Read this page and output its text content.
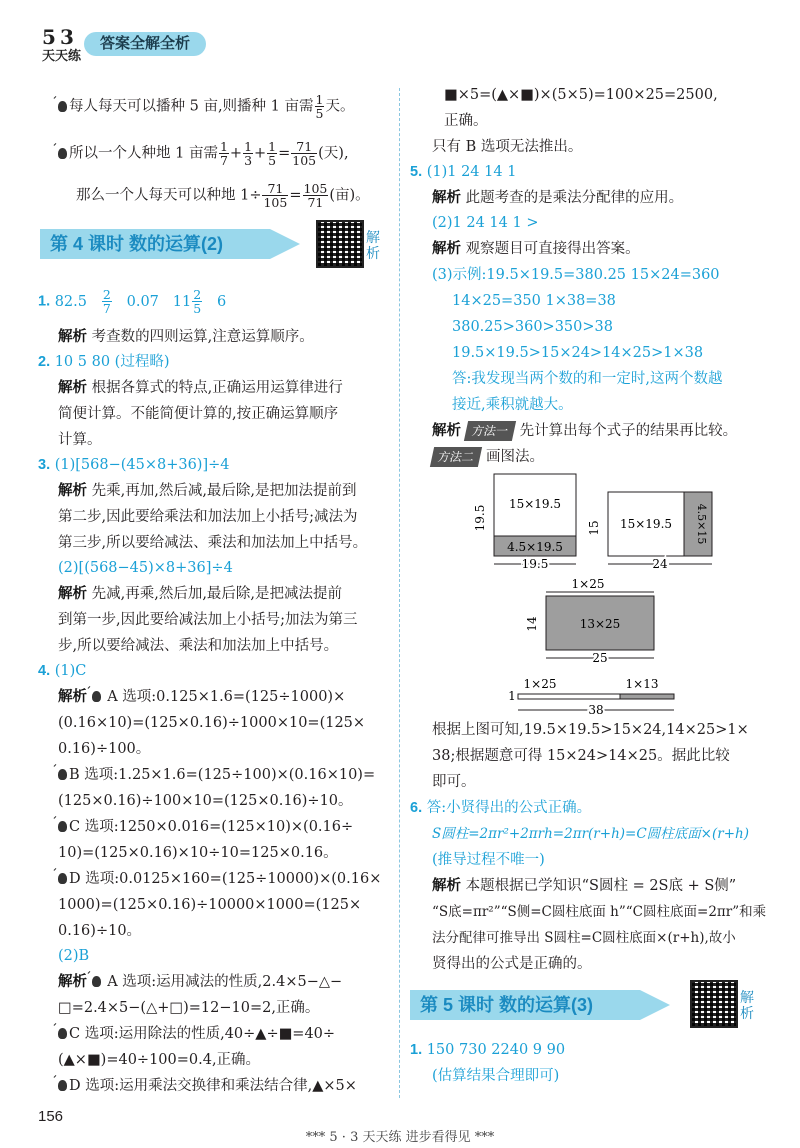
5 3
天天练
答案全解全析
每人每天可以播种 5 亩,则播种 1 亩需 $\frac{1}{5}$ 天。
所以一个人种地 1 亩需 $\frac{1}{7} + \frac{1}{3} + \frac{1}{5} = \frac{71}{105}$ (天),
那么一个人每天可以种地 $1\div \frac{71}{105} = \frac{105}{71}$ (亩)。
第 4 课时 数的运算(2)	解析
1. $82.5 \frac{2}{7} 0.07$ $11 \frac{2}{5} 6$
解析 考查数的四则运算,注意运算顺序。
2. 10 5 80 (过程略)
解析 根据各算式的特点,正确运用运算律进行
简便计算。不能简便计算的,按正确运算顺序
计算。
3. (1)[568−(45×8+36)]÷4
解析 先乘,再加,然后减,最后除,是把加法提前到
第二步,因此要给乘法和加法加上小括号;减法为
第三步,所以要给减法、乘法和加法加上中括号。
(2)[(568−45)×8+36]÷4
解析 先减,再乘,然后加,最后除,是把减法提前
到第一步,因此要给减法加上小括号;加法为第三
步,所以要给减法、乘法和加法加上中括号。
4. (1)C
解析 A 选项:0.125×1.6=(125÷1000)×
(0.16×10)=(125×0.16)÷1000×10=(125×
0.16)÷100。
B 选项:1.25×1.6=(125÷100)×(0.16×10)=
(125×0.16)÷100×10=(125×0.16)÷10。
C 选项:1250×0.016=(125×10)×(0.16÷
10)=(125×0.16)×10÷10=125×0.16。
D 选项:0.0125×160=(125÷10000)×(0.16×
1000)=(125×0.16)÷10000×1000=(125×
0.16)÷10。
(2)B
解析 A 选项:运用减法的性质,2.4×5−△−
□=2.4×5−(△+□)=12−10=2,正确。
C 选项:运用除法的性质,40÷▲÷■=40÷
(▲×■)=40÷100=0.4,正确。
D 选项:运用乘法交换律和乘法结合律,▲×5×
■×5=(▲×■)×(5×5)=100×25=2500,
正确。
只有 B 选项无法推出。
5. (1)1 24 14 1
解析 此题考查的是乘法分配律的应用。
(2)1 24 14 1 >
解析 观察题目可直接得出答案。
(3)示例:19.5×19.5=380.25 15×24=360
14×25=350 1×38=38
380.25>360>350>38
19.5×19.5>15×24>14×25>1×38
答:我发现当两个数的和一定时,这两个数越
接近,乘积就越大。
解析 方法一 先计算出每个式子的结果再比较。
方法二 画图法。
15×19.5
4.5×19.5
19.5
19.5
15×19.5 4.5×15
15
24
1×25
13×25
14
25
1×25	1×13
1
38
根据上图可知,19.5×19.5>15×24,14×25>1×
38;根据题意可得 15×24>14×25。据此比较
即可。
6. 答:小贤得出的公式正确。
S圆柱=2πr²+2πrh=2πr(r+h)=C圆柱底面×(r+h)
(推导过程不唯一)
解析 本题根据已学知识“S圆柱 = 2S底 + S侧”
“S底=πr²”“S侧=C圆柱底面 h”“C圆柱底面=2πr”和乘
法分配律可推导出 S圆柱=C圆柱底面×(r+h),故小
贤得出的公式是正确的。
第 5 课时 数的运算(3)	解析
1. 150 730 2240 9 90
(估算结果合理即可)
156
*** 5 · 3 天天练 进步看得见 ***
